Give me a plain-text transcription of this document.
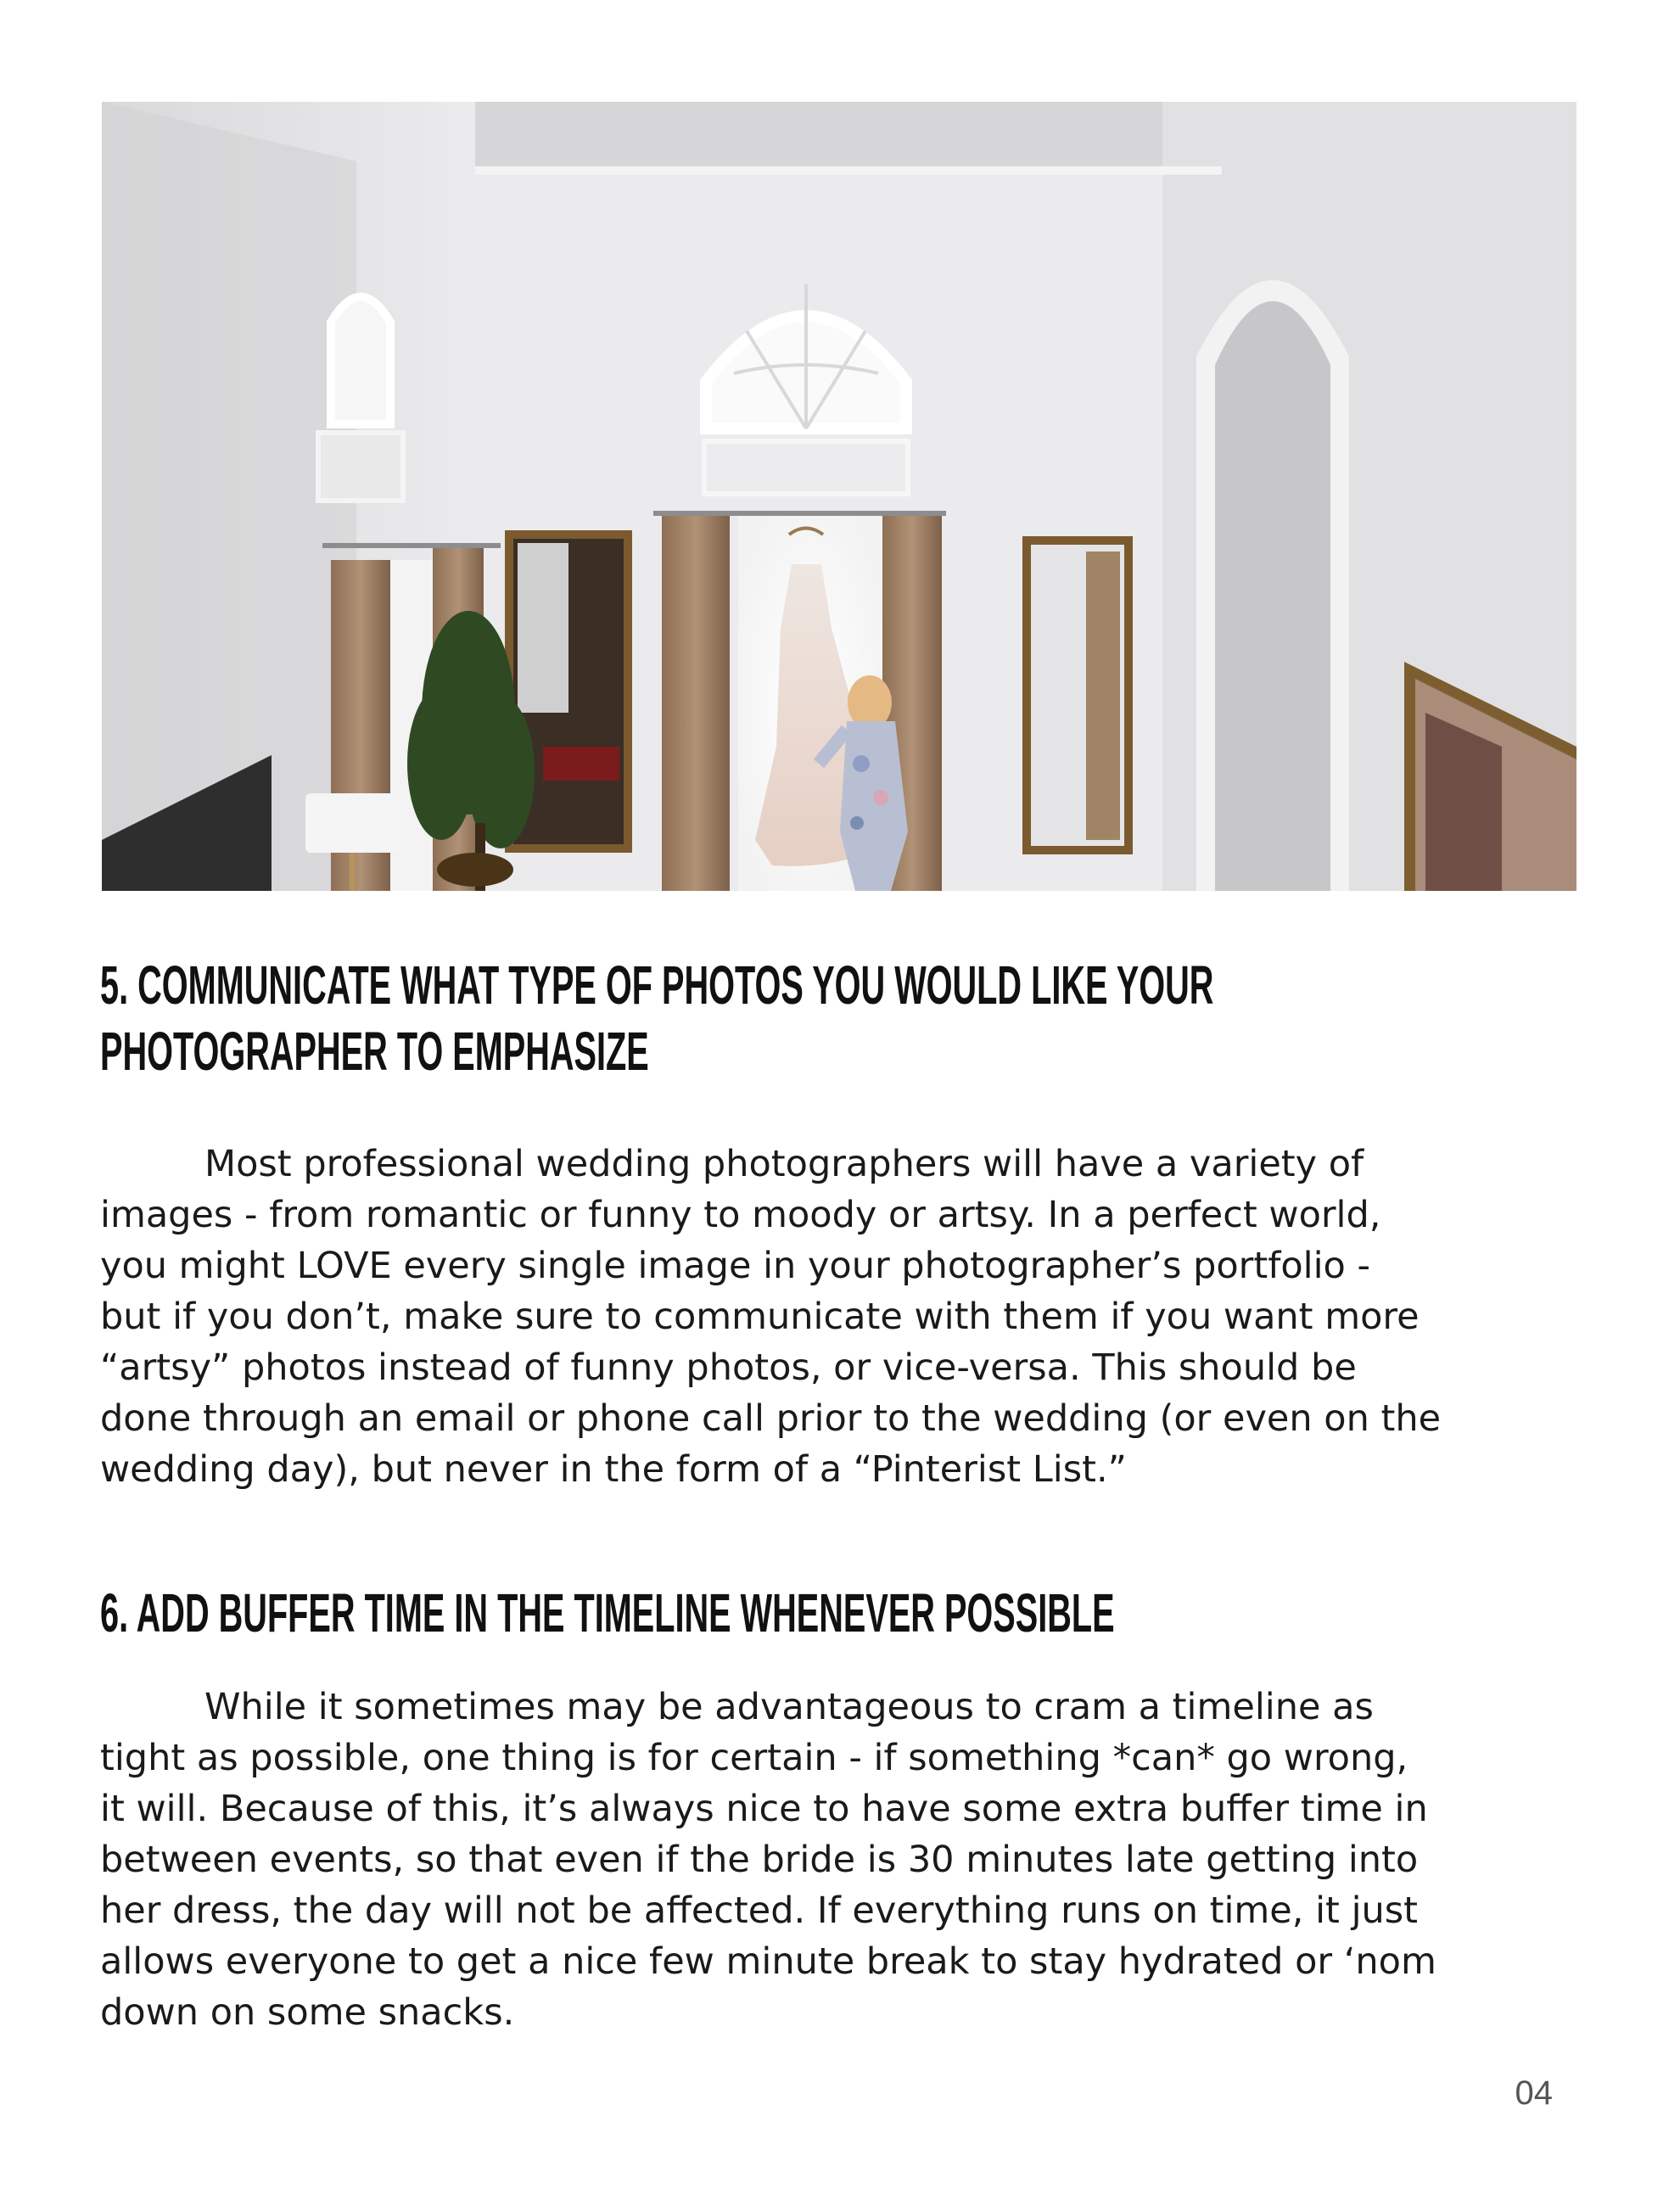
5. COMMUNICATE WHAT TYPE OF PHOTOS YOU WOULD LIKE YOUR
PHOTOGRAPHER TO EMPHASIZE

Most professional wedding photographers will have a variety of
images - from romantic or funny to moody or artsy. In a perfect world,
you might LOVE every single image in your photographer’s portfolio -
but if you don’t, make sure to communicate with them if you want more
“artsy” photos instead of funny photos, or vice-versa. This should be
done through an email or phone call prior to the wedding (or even on the
wedding day), but never in the form of a “Pinterist List.”

6. ADD BUFFER TIME IN THE TIMELINE WHENEVER POSSIBLE

While it sometimes may be advantageous to cram a timeline as
tight as possible, one thing is for certain - if something *can* go wrong,
it will. Because of this, it’s always nice to have some extra buffer time in
between events, so that even if the bride is 30 minutes late getting into
her dress, the day will not be affected. If everything runs on time, it just
allows everyone to get a nice few minute break to stay hydrated or ‘nom
down on some snacks.

04
